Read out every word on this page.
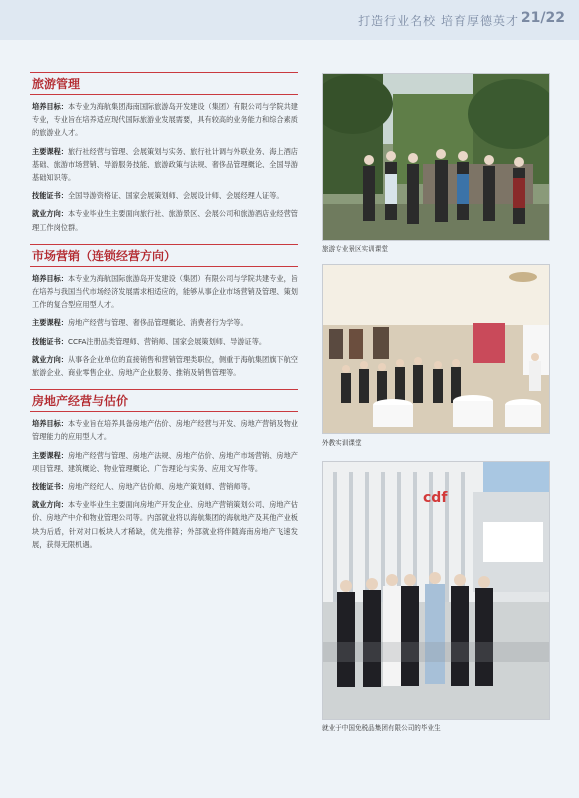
打造行业名校 培育厚德英才 21/22
旅游管理

培养目标：本专业为海航集团海南国际旅游岛开发建设（集团）有限公司与学院共建专业，专业旨在培养适应现代国际旅游业发展需要，具有较高的业务能力和综合素质的旅游业人才。

主要课程：旅行社经营与管理、会展策划与实务、旅行社计调与外联业务、海上酒店基础、旅游市场营销、导游服务技能、旅游政策与法规、奢侈品管理概论、全国导游基础知识等。

技能证书：全国导游资格证、国家会展策划师、会展设计师、会展经理人证等。

就业方向：本专业毕业生主要面向旅行社、旅游景区、会展公司和旅游酒店业经营管理工作岗位群。

市场营销（连锁经营方向）

培养目标：本专业为海航国际旅游岛开发建设（集团）有限公司与学院共建专业，旨在培养与我国当代市场经济发展需求相适应的，能够从事企业市场营销及管理、策划工作的复合型应用型人才。

主要课程：房地产经营与管理、奢侈品管理概论、消费者行为学等。

技能证书：CCFA注册品类管理师、营销师、国家会展策划师、导游证等。

就业方向：从事各企业单位的直接销售和营销管理类职位，侧重于海航集团旗下航空旅游企业、商业零售企业、房地产企业服务、推销及销售管理等。

房地产经营与估价

培养目标：本专业旨在培养具备房地产估价、房地产经营与开发、房地产营销及物业管理能力的应用型人才。

主要课程：房地产经营与管理、房地产法规、房地产估价、房地产市场营销、房地产项目管理、建筑概论、物业管理概论、广告理论与实务、应用文写作等。

技能证书：房地产经纪人、房地产估价师、房地产策划师、营销师等。

就业方向：本专业毕业生主要面向房地产开发企业、房地产营销策划公司、房地产估价、房地产中介和物业管理公司等。内部就业将以海航集团的海航地产及其他产业板块为后盾，针对对口板块人才稀缺，优先推荐；外部就业将伴随海南房地产飞速发展，获得无限机遇。

旅游专业景区实训课堂
外教实训课堂
cdf
就业于中国免税品集团有限公司的毕业生
